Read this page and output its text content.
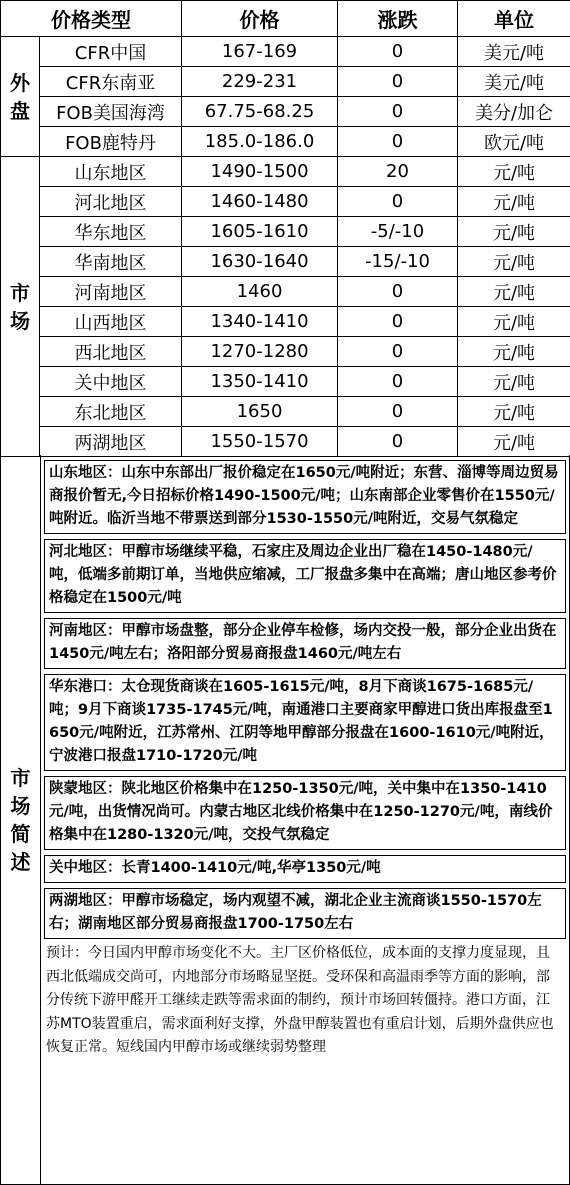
价格类型		价格	涨跌	单位

外
盘	CFR中国	167-169	0	美元/吨
	CFR东南亚	229-231	0	美元/吨
	FOB美国海湾	67.75-68.25	0	美分/加仑
	FOB鹿特丹	185.0-186.0	0	欧元/吨

市
场	山东地区	1490-1500	20	元/吨
	河北地区	1460-1480	0	元/吨
	华东地区	1605-1610	-5/-10	元/吨
	华南地区	1630-1640	-15/-10	元/吨
	河南地区	1460	0	元/吨
	山西地区	1340-1410	0	元/吨
	西北地区	1270-1280	0	元/吨
	关中地区	1350-1410	0	元/吨
	东北地区	1650	0	元/吨
	两湖地区	1550-1570	0	元/吨
市
场
简
述
山东地区：山东中东部出厂报价稳定在1650元/吨附近；东营、淄博等周边贸易商报价暂无,今日招标价格1490-1500元/吨；山东南部企业零售价在1550元/吨附近。临沂当地不带票送到部分1530-1550元/吨附近，交易气氛稳定
河北地区：甲醇市场继续平稳，石家庄及周边企业出厂稳在1450-1480元/吨，低端多前期订单，当地供应缩减，工厂报盘多集中在高端；唐山地区参考价格稳定在1500元/吨
河南地区：甲醇市场盘整，部分企业停车检修，场内交投一般，部分企业出货在1450元/吨左右；洛阳部分贸易商报盘1460元/吨左右
华东港口：太仓现货商谈在1605-1615元/吨，8月下商谈1675-1685元/吨；9月下商谈1735-1745元/吨，南通港口主要商家甲醇进口货出库报盘至1650元/吨附近，江苏常州、江阴等地甲醇部分报盘在1600-1610元/吨附近，宁波港口报盘1710-1720元/吨
陕蒙地区：陕北地区价格集中在1250-1350元/吨，关中集中在1350-1410元/吨，出货情况尚可。内蒙古地区北线价格集中在1250-1270元/吨，南线价格集中在1280-1320元/吨，交投气氛稳定
关中地区：长青1400-1410元/吨,华亭1350元/吨
两湖地区：甲醇市场稳定，场内观望不减，湖北企业主流商谈1550-1570左右；湖南地区部分贸易商报盘1700-1750左右
预计：今日国内甲醇市场变化不大。主厂区价格低位，成本面的支撑力度显现，且西北低端成交尚可，内地部分市场略显坚挺。受环保和高温雨季等方面的影响，部分传统下游甲醛开工继续走跌等需求面的制约，预计市场回转僵持。港口方面，江苏MTO装置重启，需求面利好支撑，外盘甲醇装置也有重启计划，后期外盘供应也恢复正常。短线国内甲醇市场或继续弱势整理
